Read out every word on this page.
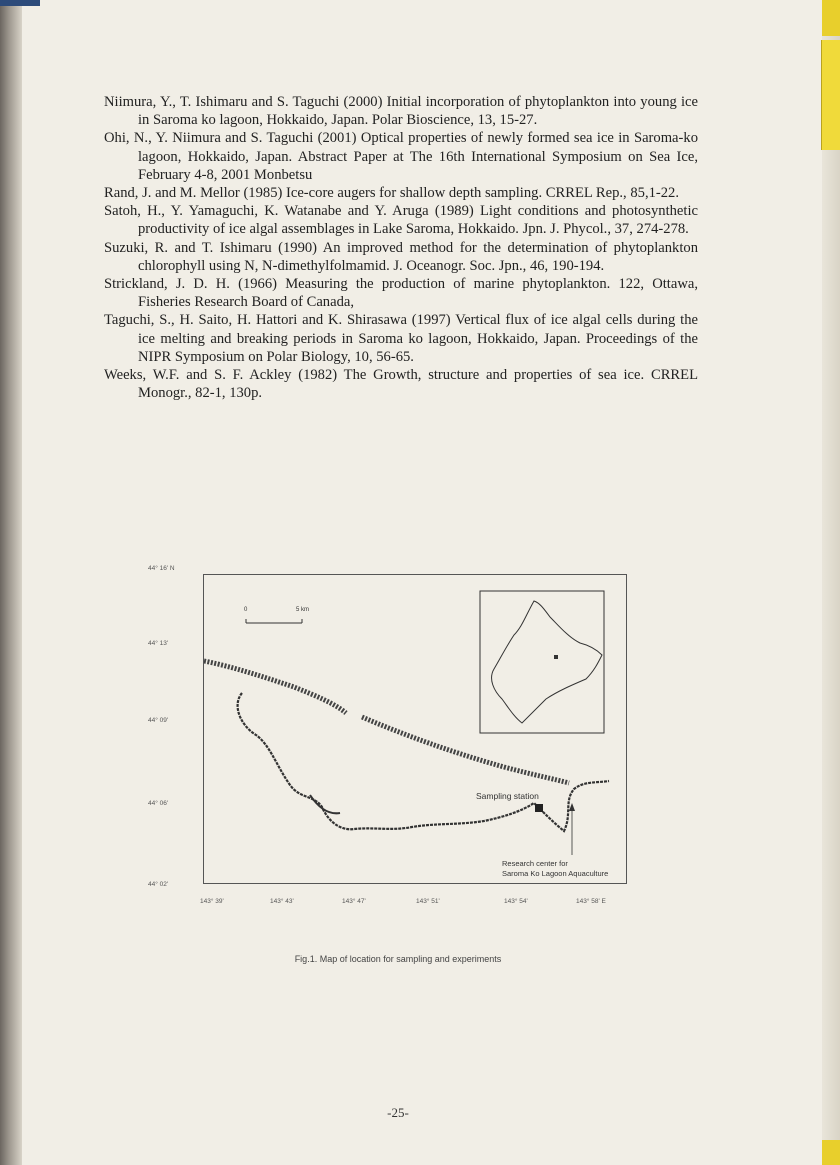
Niimura, Y., T. Ishimaru and S. Taguchi (2000) Initial incorporation of phytoplankton into young ice in Saroma ko lagoon, Hokkaido, Japan. Polar Bioscience, 13, 15-27.

Ohi, N., Y. Niimura and S. Taguchi (2001) Optical properties of newly formed sea ice in Saroma-ko lagoon, Hokkaido, Japan. Abstract Paper at The 16th International Symposium on Sea Ice, February 4-8, 2001 Monbetsu

Rand, J. and M. Mellor (1985) Ice-core augers for shallow depth sampling. CRREL Rep., 85,1-22.

Satoh, H., Y. Yamaguchi, K. Watanabe and Y. Aruga (1989) Light conditions and photosynthetic productivity of ice algal assemblages in Lake Saroma, Hokkaido. Jpn. J. Phycol., 37, 274-278.

Suzuki, R. and T. Ishimaru (1990) An improved method for the determination of phytoplankton chlorophyll using N, N-dimethylfolmamid. J. Oceanogr. Soc. Jpn., 46, 190-194.

Strickland, J. D. H. (1966) Measuring the production of marine phytoplankton. 122, Ottawa, Fisheries Research Board of Canada,

Taguchi, S., H. Saito, H. Hattori and K. Shirasawa (1997) Vertical flux of ice algal cells during the ice melting and breaking periods in Saroma ko lagoon, Hokkaido, Japan. Proceedings of the NIPR Symposium on Polar Biology, 10, 56-65.

Weeks, W.F. and S. F. Ackley (1982) The Growth, structure and properties of sea ice. CRREL Monogr., 82-1, 130p.

44° 16' N
44° 13'
44° 09'
44° 06'
44° 02'
0	5 km
Sampling station
Research center for
Saroma Ko Lagoon Aquaculture
143° 39'	143° 43'	143° 47'	143° 51'	143° 54'	143° 58' E
Fig.1. Map of location for sampling and experiments
-25-
